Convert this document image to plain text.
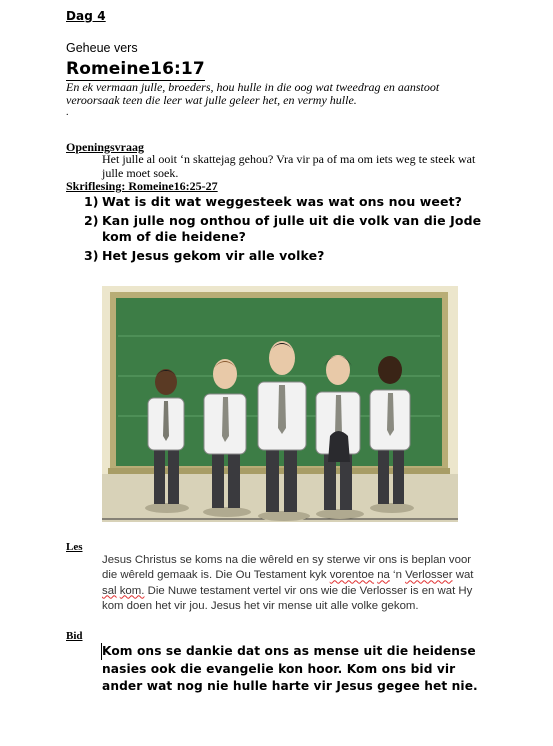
Dag 4
Geheue vers
Romeine16:17
En ek vermaan julle, broeders, hou hulle in die oog wat tweedrag en aanstoot veroorsaak teen die leer wat julle geleer het, en vermy hulle.
.
Openingsvraag
Het julle al ooit ‘n skattejag gehou? Vra vir pa of ma om iets weg te steek wat julle moet soek.
Skriflesing: Romeine16:25-27
1) Wat is dit wat weggesteek was wat ons nou weet?
2) Kan julle nog onthou of julle uit die volk van die Jode kom of die heidene?
3) Het Jesus gekom vir alle volke?
Les
Jesus Christus se koms na die wêreld en sy sterwe vir ons is beplan voor die wêreld gemaak is. Die Ou Testament kyk vorentoe na ‘n Verlosser wat sal kom. Die Nuwe testament vertel vir ons wie die Verlosser is en wat Hy kom doen het vir jou. Jesus het vir mense uit alle volke gekom.
Bid
Kom ons se dankie dat ons as mense uit die heidense nasies ook die evangelie kon hoor. Kom ons bid vir ander wat nog nie hulle harte vir Jesus gegee het nie.
